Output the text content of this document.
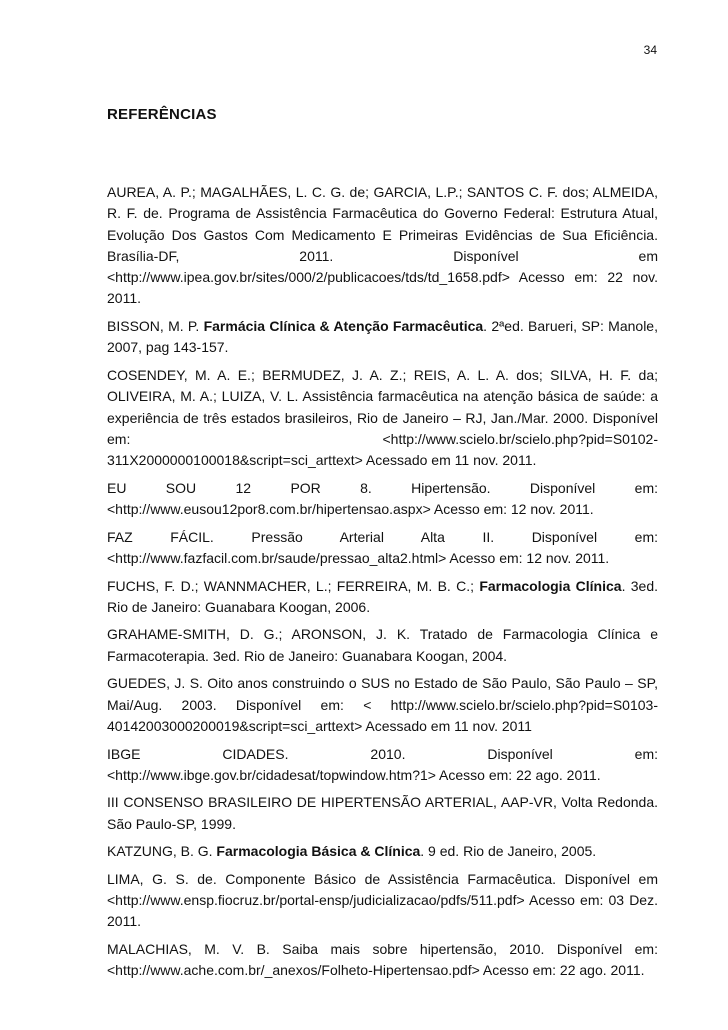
34
REFERÊNCIAS

AUREA, A. P.; MAGALHÃES, L. C. G. de; GARCIA, L.P.; SANTOS C. F. dos; ALMEIDA, R. F. de. Programa de Assistência Farmacêutica do Governo Federal: Estrutura Atual, Evolução Dos Gastos Com Medicamento E Primeiras Evidências de Sua Eficiência. Brasília-DF, 2011. Disponível em <http://www.ipea.gov.br/sites/000/2/publicacoes/tds/td_1658.pdf> Acesso em: 22 nov. 2011.

BISSON, M. P. Farmácia Clínica & Atenção Farmacêutica. 2ªed. Barueri, SP: Manole, 2007, pag 143-157.

COSENDEY, M. A. E.; BERMUDEZ, J. A. Z.; REIS, A. L. A. dos; SILVA, H. F. da; OLIVEIRA, M. A.; LUIZA, V. L. Assistência farmacêutica na atenção básica de saúde: a experiência de três estados brasileiros, Rio de Janeiro – RJ, Jan./Mar. 2000. Disponível em: <http://www.scielo.br/scielo.php?pid=S0102-311X2000000100018&script=sci_arttext> Acessado em 11 nov. 2011.

EU SOU 12 POR 8. Hipertensão. Disponível em: <http://www.eusou12por8.com.br/hipertensao.aspx> Acesso em: 12 nov. 2011.

FAZ FÁCIL. Pressão Arterial Alta II. Disponível em: <http://www.fazfacil.com.br/saude/pressao_alta2.html> Acesso em: 12 nov. 2011.

FUCHS, F. D.; WANNMACHER, L.; FERREIRA, M. B. C.; Farmacologia Clínica. 3ed. Rio de Janeiro: Guanabara Koogan, 2006.

GRAHAME-SMITH, D. G.; ARONSON, J. K. Tratado de Farmacologia Clínica e Farmacoterapia. 3ed. Rio de Janeiro: Guanabara Koogan, 2004.

GUEDES, J. S. Oito anos construindo o SUS no Estado de São Paulo, São Paulo – SP, Mai/Aug. 2003. Disponível em: < http://www.scielo.br/scielo.php?pid=S0103-40142003000200019&script=sci_arttext> Acessado em 11 nov. 2011

IBGE CIDADES. 2010. Disponível em: <http://www.ibge.gov.br/cidadesat/topwindow.htm?1> Acesso em: 22 ago. 2011.

III CONSENSO BRASILEIRO DE HIPERTENSÃO ARTERIAL, AAP-VR, Volta Redonda. São Paulo-SP, 1999.

KATZUNG, B. G. Farmacologia Básica & Clínica. 9 ed. Rio de Janeiro, 2005.

LIMA, G. S. de. Componente Básico de Assistência Farmacêutica. Disponível em <http://www.ensp.fiocruz.br/portal-ensp/judicializacao/pdfs/511.pdf> Acesso em: 03 Dez. 2011.

MALACHIAS, M. V. B. Saiba mais sobre hipertensão, 2010. Disponível em: <http://www.ache.com.br/_anexos/Folheto-Hipertensao.pdf> Acesso em: 22 ago. 2011.
